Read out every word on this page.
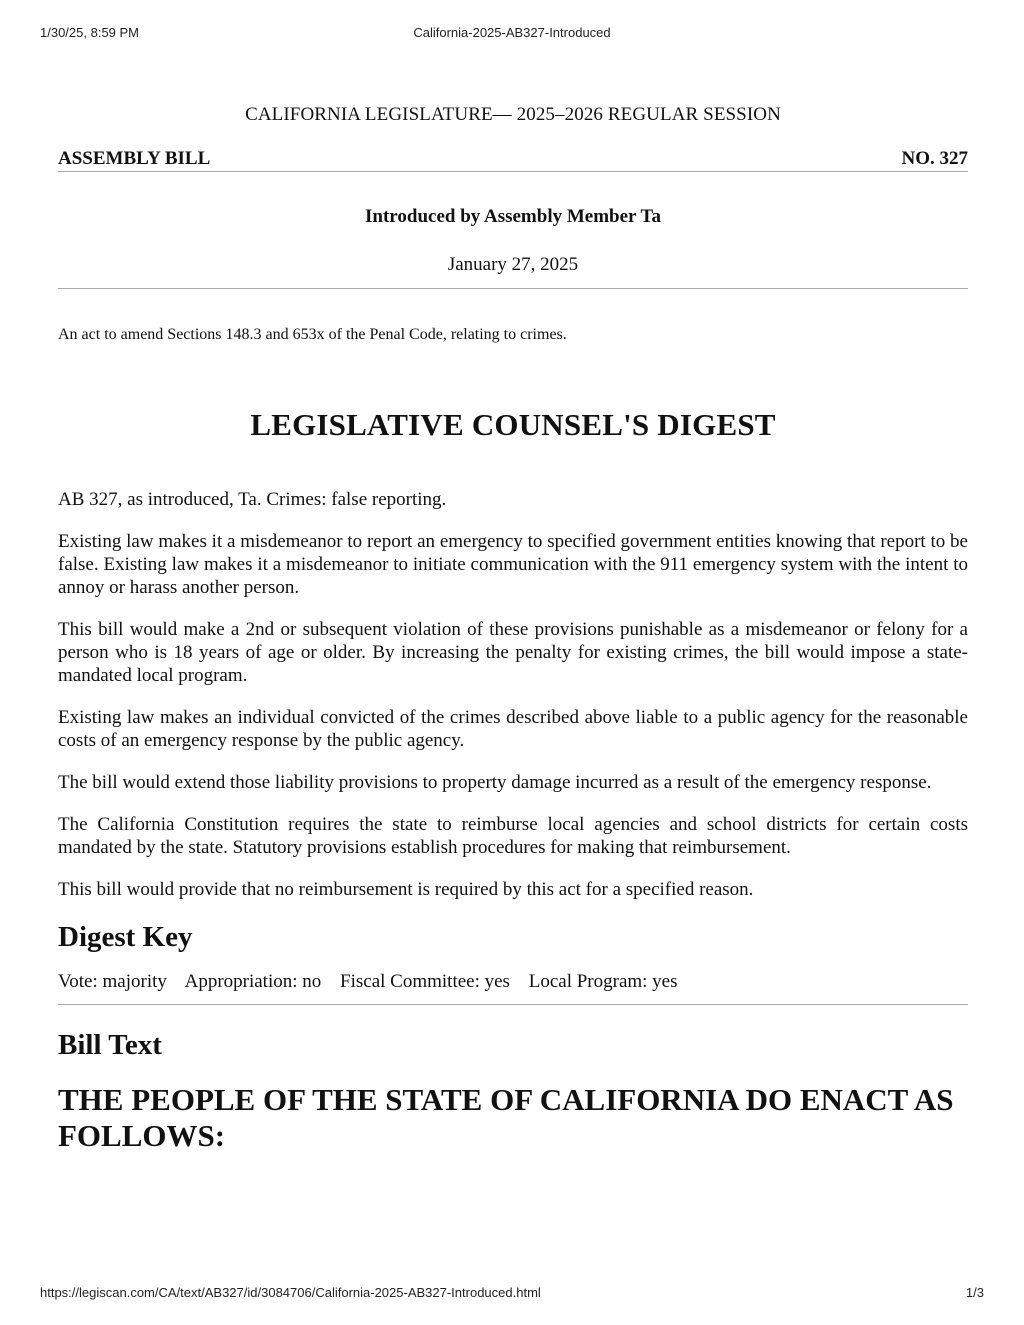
California-2025-AB327-Introduced
1/30/25, 8:59 PM
CALIFORNIA LEGISLATURE— 2025–2026 REGULAR SESSION
ASSEMBLY BILL	NO. 327
Introduced by Assembly Member Ta
January 27, 2025
An act to amend Sections 148.3 and 653x of the Penal Code, relating to crimes.
LEGISLATIVE COUNSEL'S DIGEST
AB 327, as introduced, Ta. Crimes: false reporting.

Existing law makes it a misdemeanor to report an emergency to specified government entities knowing that report to be false. Existing law makes it a misdemeanor to initiate communication with the 911 emergency system with the intent to annoy or harass another person.

This bill would make a 2nd or subsequent violation of these provisions punishable as a misdemeanor or felony for a person who is 18 years of age or older. By increasing the penalty for existing crimes, the bill would impose a state-mandated local program.

Existing law makes an individual convicted of the crimes described above liable to a public agency for the reasonable costs of an emergency response by the public agency.

The bill would extend those liability provisions to property damage incurred as a result of the emergency response.

The California Constitution requires the state to reimburse local agencies and school districts for certain costs mandated by the state. Statutory provisions establish procedures for making that reimbursement.

This bill would provide that no reimbursement is required by this act for a specified reason.

Digest Key
Vote: majority Appropriation: no Fiscal Committee: yes Local Program: yes
Bill Text
THE PEOPLE OF THE STATE OF CALIFORNIA DO ENACT AS FOLLOWS:
https://legiscan.com/CA/text/AB327/id/3084706/California-2025-AB327-Introduced.html	1/3
